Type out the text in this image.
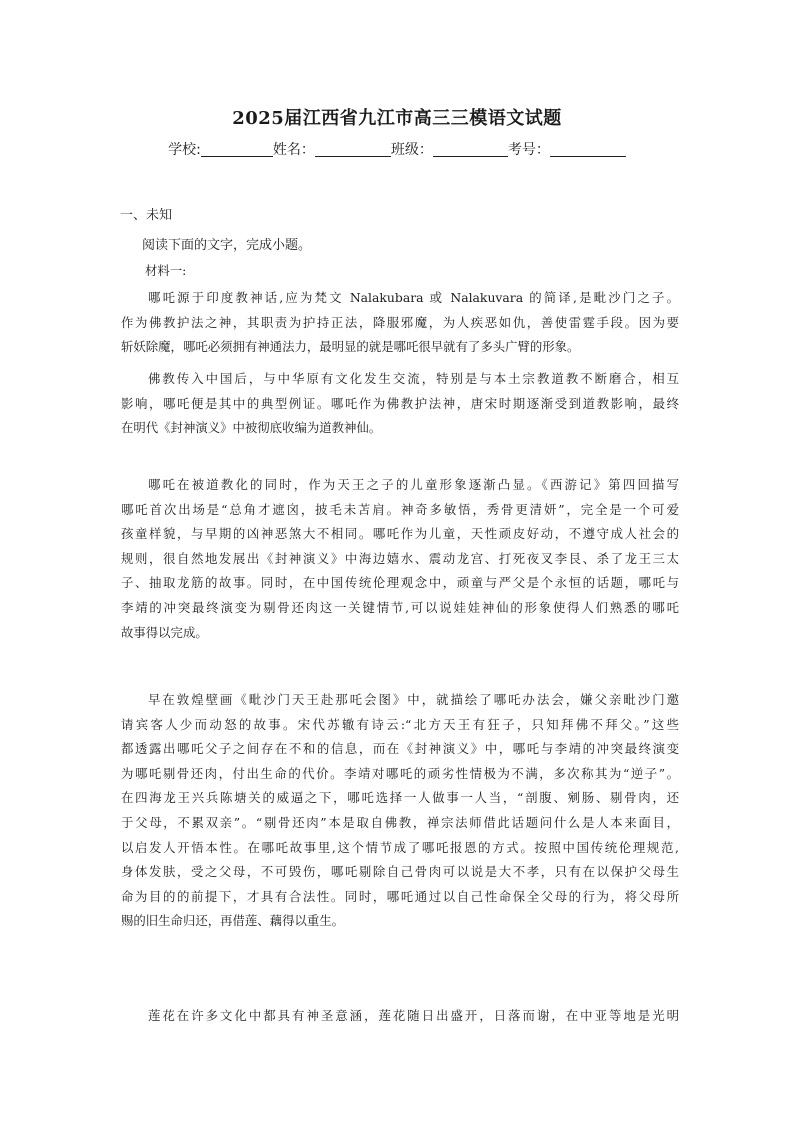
2025届江西省九江市高三三模语文试题
学校:	姓名：	班级：	考号：
一、未知
阅读下面的文字，完成小题。
材料一:
哪吒源于印度教神话,应为梵文 Nalakubara 或 Nalakuvara 的简译,是毗沙门之子。
作为佛教护法之神，其职责为护持正法，降服邪魔，为人疾恶如仇，善使雷霆手段。因为要
斩妖除魔，哪吒必须拥有神通法力，最明显的就是哪吒很早就有了多头广臂的形象。
佛教传入中国后，与中华原有文化发生交流，特别是与本土宗教道教不断磨合，相互
影响，哪吒便是其中的典型例证。哪吒作为佛教护法神，唐宋时期逐渐受到道教影响，最终
在明代《封神演义》中被彻底收编为道教神仙。
哪吒在被道教化的同时，作为天王之子的儿童形象逐渐凸显。《西游记》第四回描写
哪吒首次出场是“总角才遮囟，披毛未苫肩。神奇多敏悟，秀骨更清妍”，完全是一个可爱
孩童样貌，与早期的凶神恶煞大不相同。哪吒作为儿童，天性顽皮好动，不遵守成人社会的
规则，很自然地发展出《封神演义》中海边嬉水、震动龙宫、打死夜叉李艮、杀了龙王三太
子、抽取龙筋的故事。同时，在中国传统伦理观念中，顽童与严父是个永恒的话题，哪吒与
李靖的冲突最终演变为剔骨还肉这一关键情节,可以说娃娃神仙的形象使得人们熟悉的哪吒
故事得以完成。
早在敦煌壁画《毗沙门天王赴那吒会图》中，就描绘了哪吒办法会，嫌父亲毗沙门邀
请宾客人少而动怒的故事。宋代苏辙有诗云:“北方天王有狂子，只知拜佛不拜父。”这些
都透露出哪吒父子之间存在不和的信息，而在《封神演义》中，哪吒与李靖的冲突最终演变
为哪吒剔骨还肉，付出生命的代价。李靖对哪吒的顽劣性情极为不满，多次称其为“逆子”。
在四海龙王兴兵陈塘关的威逼之下，哪吒选择一人做事一人当，“剖腹、剜肠、剔骨肉，还
于父母，不累双亲”。“剔骨还肉”本是取自佛教，禅宗法师借此话题问什么是人本来面目，
以启发人开悟本性。在哪吒故事里,这个情节成了哪吒报恩的方式。按照中国传统伦理规范,
身体发肤，受之父母，不可毁伤，哪吒剔除自己骨肉可以说是大不孝，只有在以保护父母生
命为目的的前提下，才具有合法性。同时，哪吒通过以自己性命保全父母的行为，将父母所
赐的旧生命归还，再借莲、藕得以重生。
莲花在许多文化中都具有神圣意涵，莲花随日出盛开，日落而谢，在中亚等地是光明
